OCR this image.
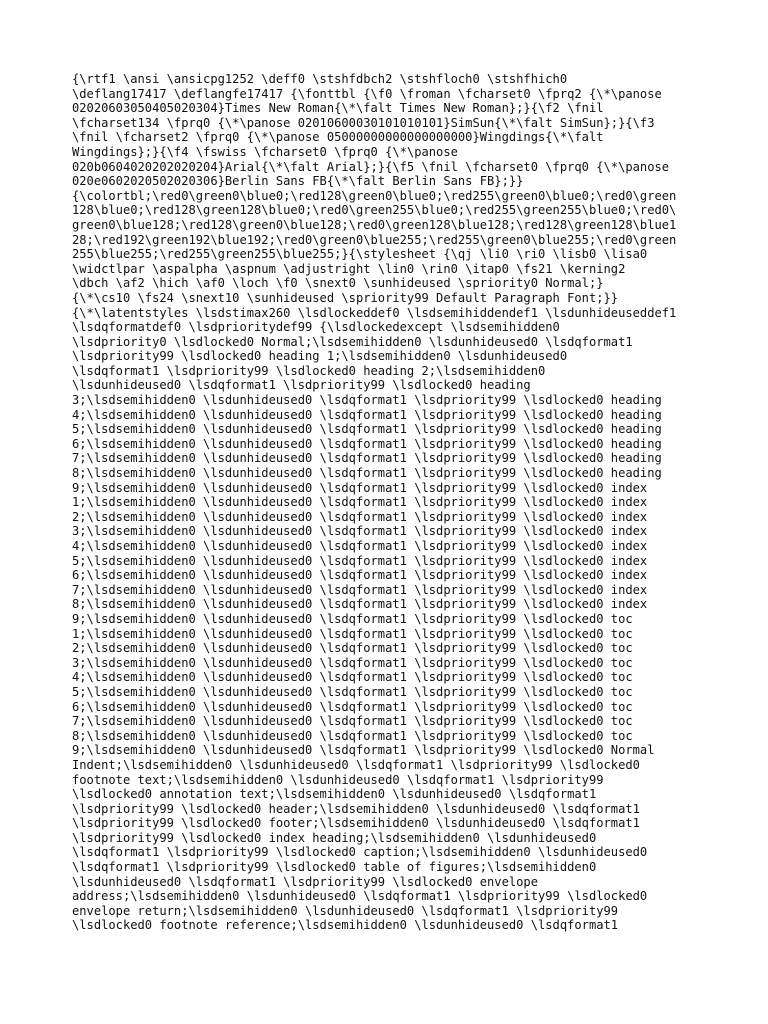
{\rtf1 \ansi \ansicpg1252 \deff0 \stshfdbch2 \stshfloch0 \stshfhich0
\deflang17417 \deflangfe17417 {\fonttbl {\f0 \froman \fcharset0 \fprq2 {\*\panose
02020603050405020304}Times New Roman{\*\falt Times New Roman};}{\f2 \fnil
\fcharset134 \fprq0 {\*\panose 02010600030101010101}SimSun{\*\falt SimSun};}{\f3
\fnil \fcharset2 \fprq0 {\*\panose 05000000000000000000}Wingdings{\*\falt
Wingdings};}{\f4 \fswiss \fcharset0 \fprq0 {\*\panose
020b0604020202020204}Arial{\*\falt Arial};}{\f5 \fnil \fcharset0 \fprq0 {\*\panose
020e0602020502020306}Berlin Sans FB{\*\falt Berlin Sans FB};}}
{\colortbl;\red0\green0\blue0;\red128\green0\blue0;\red255\green0\blue0;\red0\green
128\blue0;\red128\green128\blue0;\red0\green255\blue0;\red255\green255\blue0;\red0\
green0\blue128;\red128\green0\blue128;\red0\green128\blue128;\red128\green128\blue1
28;\red192\green192\blue192;\red0\green0\blue255;\red255\green0\blue255;\red0\green
255\blue255;\red255\green255\blue255;}{\stylesheet {\qj \li0 \ri0 \lisb0 \lisa0
\widctlpar \aspalpha \aspnum \adjustright \lin0 \rin0 \itap0 \fs21 \kerning2
\dbch \af2 \hich \af0 \loch \f0 \snext0 \sunhideused \spriority0 Normal;}
{\*\cs10 \fs24 \snext10 \sunhideused \spriority99 Default Paragraph Font;}}
{\*\latentstyles \lsdstimax260 \lsdlockeddef0 \lsdsemihiddendef1 \lsdunhideuseddef1
\lsdqformatdef0 \lsdprioritydef99 {\lsdlockedexcept \lsdsemihidden0
\lsdpriority0 \lsdlocked0 Normal;\lsdsemihidden0 \lsdunhideused0 \lsdqformat1
\lsdpriority99 \lsdlocked0 heading 1;\lsdsemihidden0 \lsdunhideused0
\lsdqformat1 \lsdpriority99 \lsdlocked0 heading 2;\lsdsemihidden0
\lsdunhideused0 \lsdqformat1 \lsdpriority99 \lsdlocked0 heading
3;\lsdsemihidden0 \lsdunhideused0 \lsdqformat1 \lsdpriority99 \lsdlocked0 heading
4;\lsdsemihidden0 \lsdunhideused0 \lsdqformat1 \lsdpriority99 \lsdlocked0 heading
5;\lsdsemihidden0 \lsdunhideused0 \lsdqformat1 \lsdpriority99 \lsdlocked0 heading
6;\lsdsemihidden0 \lsdunhideused0 \lsdqformat1 \lsdpriority99 \lsdlocked0 heading
7;\lsdsemihidden0 \lsdunhideused0 \lsdqformat1 \lsdpriority99 \lsdlocked0 heading
8;\lsdsemihidden0 \lsdunhideused0 \lsdqformat1 \lsdpriority99 \lsdlocked0 heading
9;\lsdsemihidden0 \lsdunhideused0 \lsdqformat1 \lsdpriority99 \lsdlocked0 index
1;\lsdsemihidden0 \lsdunhideused0 \lsdqformat1 \lsdpriority99 \lsdlocked0 index
2;\lsdsemihidden0 \lsdunhideused0 \lsdqformat1 \lsdpriority99 \lsdlocked0 index
3;\lsdsemihidden0 \lsdunhideused0 \lsdqformat1 \lsdpriority99 \lsdlocked0 index
4;\lsdsemihidden0 \lsdunhideused0 \lsdqformat1 \lsdpriority99 \lsdlocked0 index
5;\lsdsemihidden0 \lsdunhideused0 \lsdqformat1 \lsdpriority99 \lsdlocked0 index
6;\lsdsemihidden0 \lsdunhideused0 \lsdqformat1 \lsdpriority99 \lsdlocked0 index
7;\lsdsemihidden0 \lsdunhideused0 \lsdqformat1 \lsdpriority99 \lsdlocked0 index
8;\lsdsemihidden0 \lsdunhideused0 \lsdqformat1 \lsdpriority99 \lsdlocked0 index
9;\lsdsemihidden0 \lsdunhideused0 \lsdqformat1 \lsdpriority99 \lsdlocked0 toc
1;\lsdsemihidden0 \lsdunhideused0 \lsdqformat1 \lsdpriority99 \lsdlocked0 toc
2;\lsdsemihidden0 \lsdunhideused0 \lsdqformat1 \lsdpriority99 \lsdlocked0 toc
3;\lsdsemihidden0 \lsdunhideused0 \lsdqformat1 \lsdpriority99 \lsdlocked0 toc
4;\lsdsemihidden0 \lsdunhideused0 \lsdqformat1 \lsdpriority99 \lsdlocked0 toc
5;\lsdsemihidden0 \lsdunhideused0 \lsdqformat1 \lsdpriority99 \lsdlocked0 toc
6;\lsdsemihidden0 \lsdunhideused0 \lsdqformat1 \lsdpriority99 \lsdlocked0 toc
7;\lsdsemihidden0 \lsdunhideused0 \lsdqformat1 \lsdpriority99 \lsdlocked0 toc
8;\lsdsemihidden0 \lsdunhideused0 \lsdqformat1 \lsdpriority99 \lsdlocked0 toc
9;\lsdsemihidden0 \lsdunhideused0 \lsdqformat1 \lsdpriority99 \lsdlocked0 Normal
Indent;\lsdsemihidden0 \lsdunhideused0 \lsdqformat1 \lsdpriority99 \lsdlocked0
footnote text;\lsdsemihidden0 \lsdunhideused0 \lsdqformat1 \lsdpriority99
\lsdlocked0 annotation text;\lsdsemihidden0 \lsdunhideused0 \lsdqformat1
\lsdpriority99 \lsdlocked0 header;\lsdsemihidden0 \lsdunhideused0 \lsdqformat1
\lsdpriority99 \lsdlocked0 footer;\lsdsemihidden0 \lsdunhideused0 \lsdqformat1
\lsdpriority99 \lsdlocked0 index heading;\lsdsemihidden0 \lsdunhideused0
\lsdqformat1 \lsdpriority99 \lsdlocked0 caption;\lsdsemihidden0 \lsdunhideused0
\lsdqformat1 \lsdpriority99 \lsdlocked0 table of figures;\lsdsemihidden0
\lsdunhideused0 \lsdqformat1 \lsdpriority99 \lsdlocked0 envelope
address;\lsdsemihidden0 \lsdunhideused0 \lsdqformat1 \lsdpriority99 \lsdlocked0
envelope return;\lsdsemihidden0 \lsdunhideused0 \lsdqformat1 \lsdpriority99
\lsdlocked0 footnote reference;\lsdsemihidden0 \lsdunhideused0 \lsdqformat1
